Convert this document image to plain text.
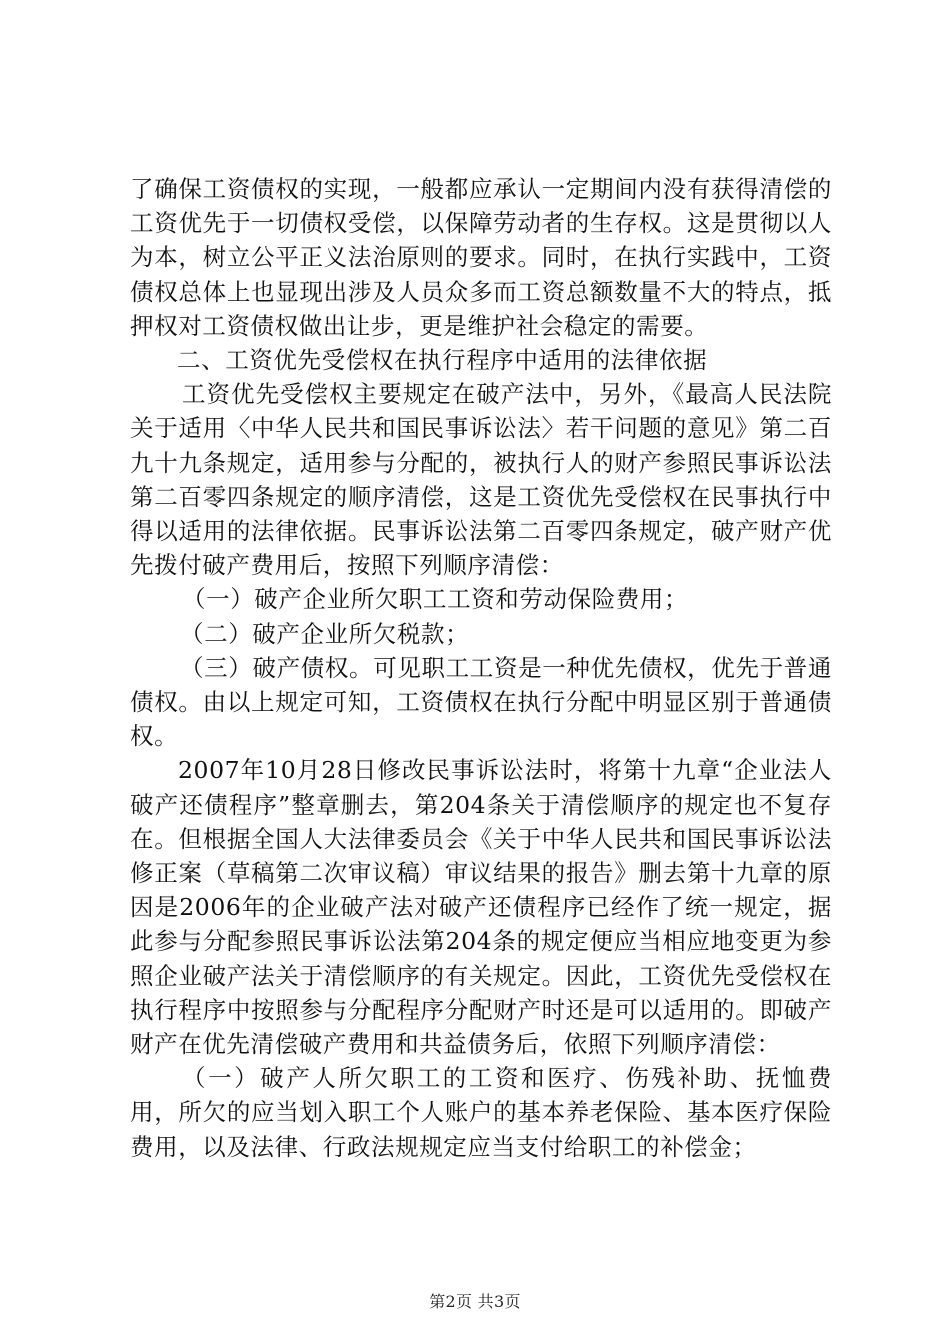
了确保工资债权的实现，一般都应承认一定期间内没有获得清偿的工资优先于一切债权受偿，以保障劳动者的生存权。这是贯彻以人为本，树立公平正义法治原则的要求。同时，在执行实践中，工资债权总体上也显现出涉及人员众多而工资总额数量不大的特点，抵押权对工资债权做出让步，更是维护社会稳定的需要。

二、工资优先受偿权在执行程序中适用的法律依据

工资优先受偿权主要规定在破产法中，另外，《最高人民法院关于适用〈中华人民共和国民事诉讼法〉若干问题的意见》第二百九十九条规定，适用参与分配的，被执行人的财产参照民事诉讼法第二百零四条规定的顺序清偿，这是工资优先受偿权在民事执行中得以适用的法律依据。民事诉讼法第二百零四条规定，破产财产优先拨付破产费用后，按照下列顺序清偿：

（一）破产企业所欠职工工资和劳动保险费用；

（二）破产企业所欠税款；

（三）破产债权。可见职工工资是一种优先债权，优先于普通债权。由以上规定可知，工资债权在执行分配中明显区别于普通债权。

2007年10月28日修改民事诉讼法时，将第十九章“企业法人破产还债程序”整章删去，第204条关于清偿顺序的规定也不复存在。但根据全国人大法律委员会《关于中华人民共和国民事诉讼法修正案（草稿第二次审议稿）审议结果的报告》删去第十九章的原因是2006年的企业破产法对破产还债程序已经作了统一规定，据此参与分配参照民事诉讼法第204条的规定便应当相应地变更为参照企业破产法关于清偿顺序的有关规定。因此，工资优先受偿权在执行程序中按照参与分配程序分配财产时还是可以适用的。即破产财产在优先清偿破产费用和共益债务后，依照下列顺序清偿：

（一）破产人所欠职工的工资和医疗、伤残补助、抚恤费用，所欠的应当划入职工个人账户的基本养老保险、基本医疗保险费用，以及法律、行政法规规定应当支付给职工的补偿金；

第2页 共3页
